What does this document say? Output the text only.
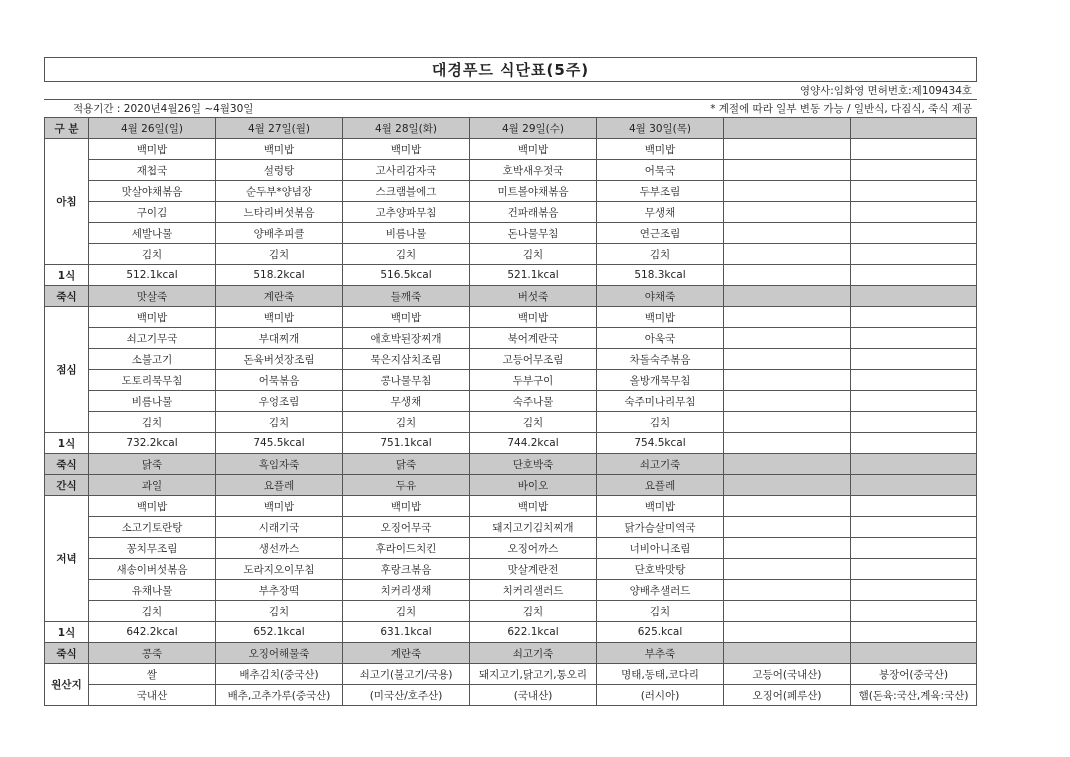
대경푸드 식단표(5주)							
					영양사:임화영 면허번호:제109434호		
적용기간 : 2020년4월26일 ~4월30일					* 계절에 따라 일부 변동 가능 / 일반식, 다짐식, 죽식 제공		
구 분	4월 26일(일)	4월 27일(월)	4월 28일(화)	4월 29일(수)	4월 30일(목)		
아침	백미밥	백미밥	백미밥	백미밥	백미밥		
	재첩국	설렁탕	고사리감자국	호박새우젓국	어묵국		
	맛살야채볶음	순두부*양념장	스크램블에그	미트볼야채볶음	두부조림		
	구이김	느타리버섯볶음	고추양파무침	건파래볶음	무생채		
	세발나물	양배추피클	비름나물	돈나물무침	연근조림		
	김치	김치	김치	김치	김치		
1식	512.1kcal	518.2kcal	516.5kcal	521.1kcal	518.3kcal		
죽식	맛살죽	계란죽	들깨죽	버섯죽	야채죽		
점심	백미밥	백미밥	백미밥	백미밥	백미밥		
	쇠고기무국	부대찌개	애호박된장찌개	북어계란국	아욱국		
	소불고기	돈육버섯장조림	묵은지삼치조림	고등어무조림	차돌숙주볶음		
	도토리묵무침	어묵볶음	콩나물무침	두부구이	올방개묵무침		
	비름나물	우엉조림	무생채	숙주나물	숙주미나리무침		
	김치	김치	김치	김치	김치		
1식	732.2kcal	745.5kcal	751.1kcal	744.2kcal	754.5kcal		
죽식	닭죽	흑임자죽	닭죽	단호박죽	쇠고기죽		
간식	과일	요플레	두유	바이오	요플레		
저녁	백미밥	백미밥	백미밥	백미밥	백미밥		
	소고기토란탕	시래기국	오징어무국	돼지고기김치찌개	닭가슴살미역국		
	꽁치무조림	생선까스	후라이드치킨	오징어까스	너비아니조림		
	새송이버섯볶음	도라지오이무침	후랑크볶음	맛살계란전	단호박맛탕		
	유채나물	부추장떡	치커리생채	치커리샐러드	양배추샐러드		
	김치	김치	김치	김치	김치		
1식	642.2kcal	652.1kcal	631.1kcal	622.1kcal	625.kcal		
죽식	콩죽	오징어해물죽	계란죽	쇠고기죽	부추죽		
원산지	쌀	배추김치(중국산)	쇠고기(불고기/국용)	돼지고기,닭고기,통오리	명태,동태,코다리	고등어(국내산)	붕장어(중국산)
	국내산	배추,고추가루(중국산)	(미국산/호주산)	(국내산)	(러시아)	오징어(페루산)	햄(돈육:국산,계육:국산)
